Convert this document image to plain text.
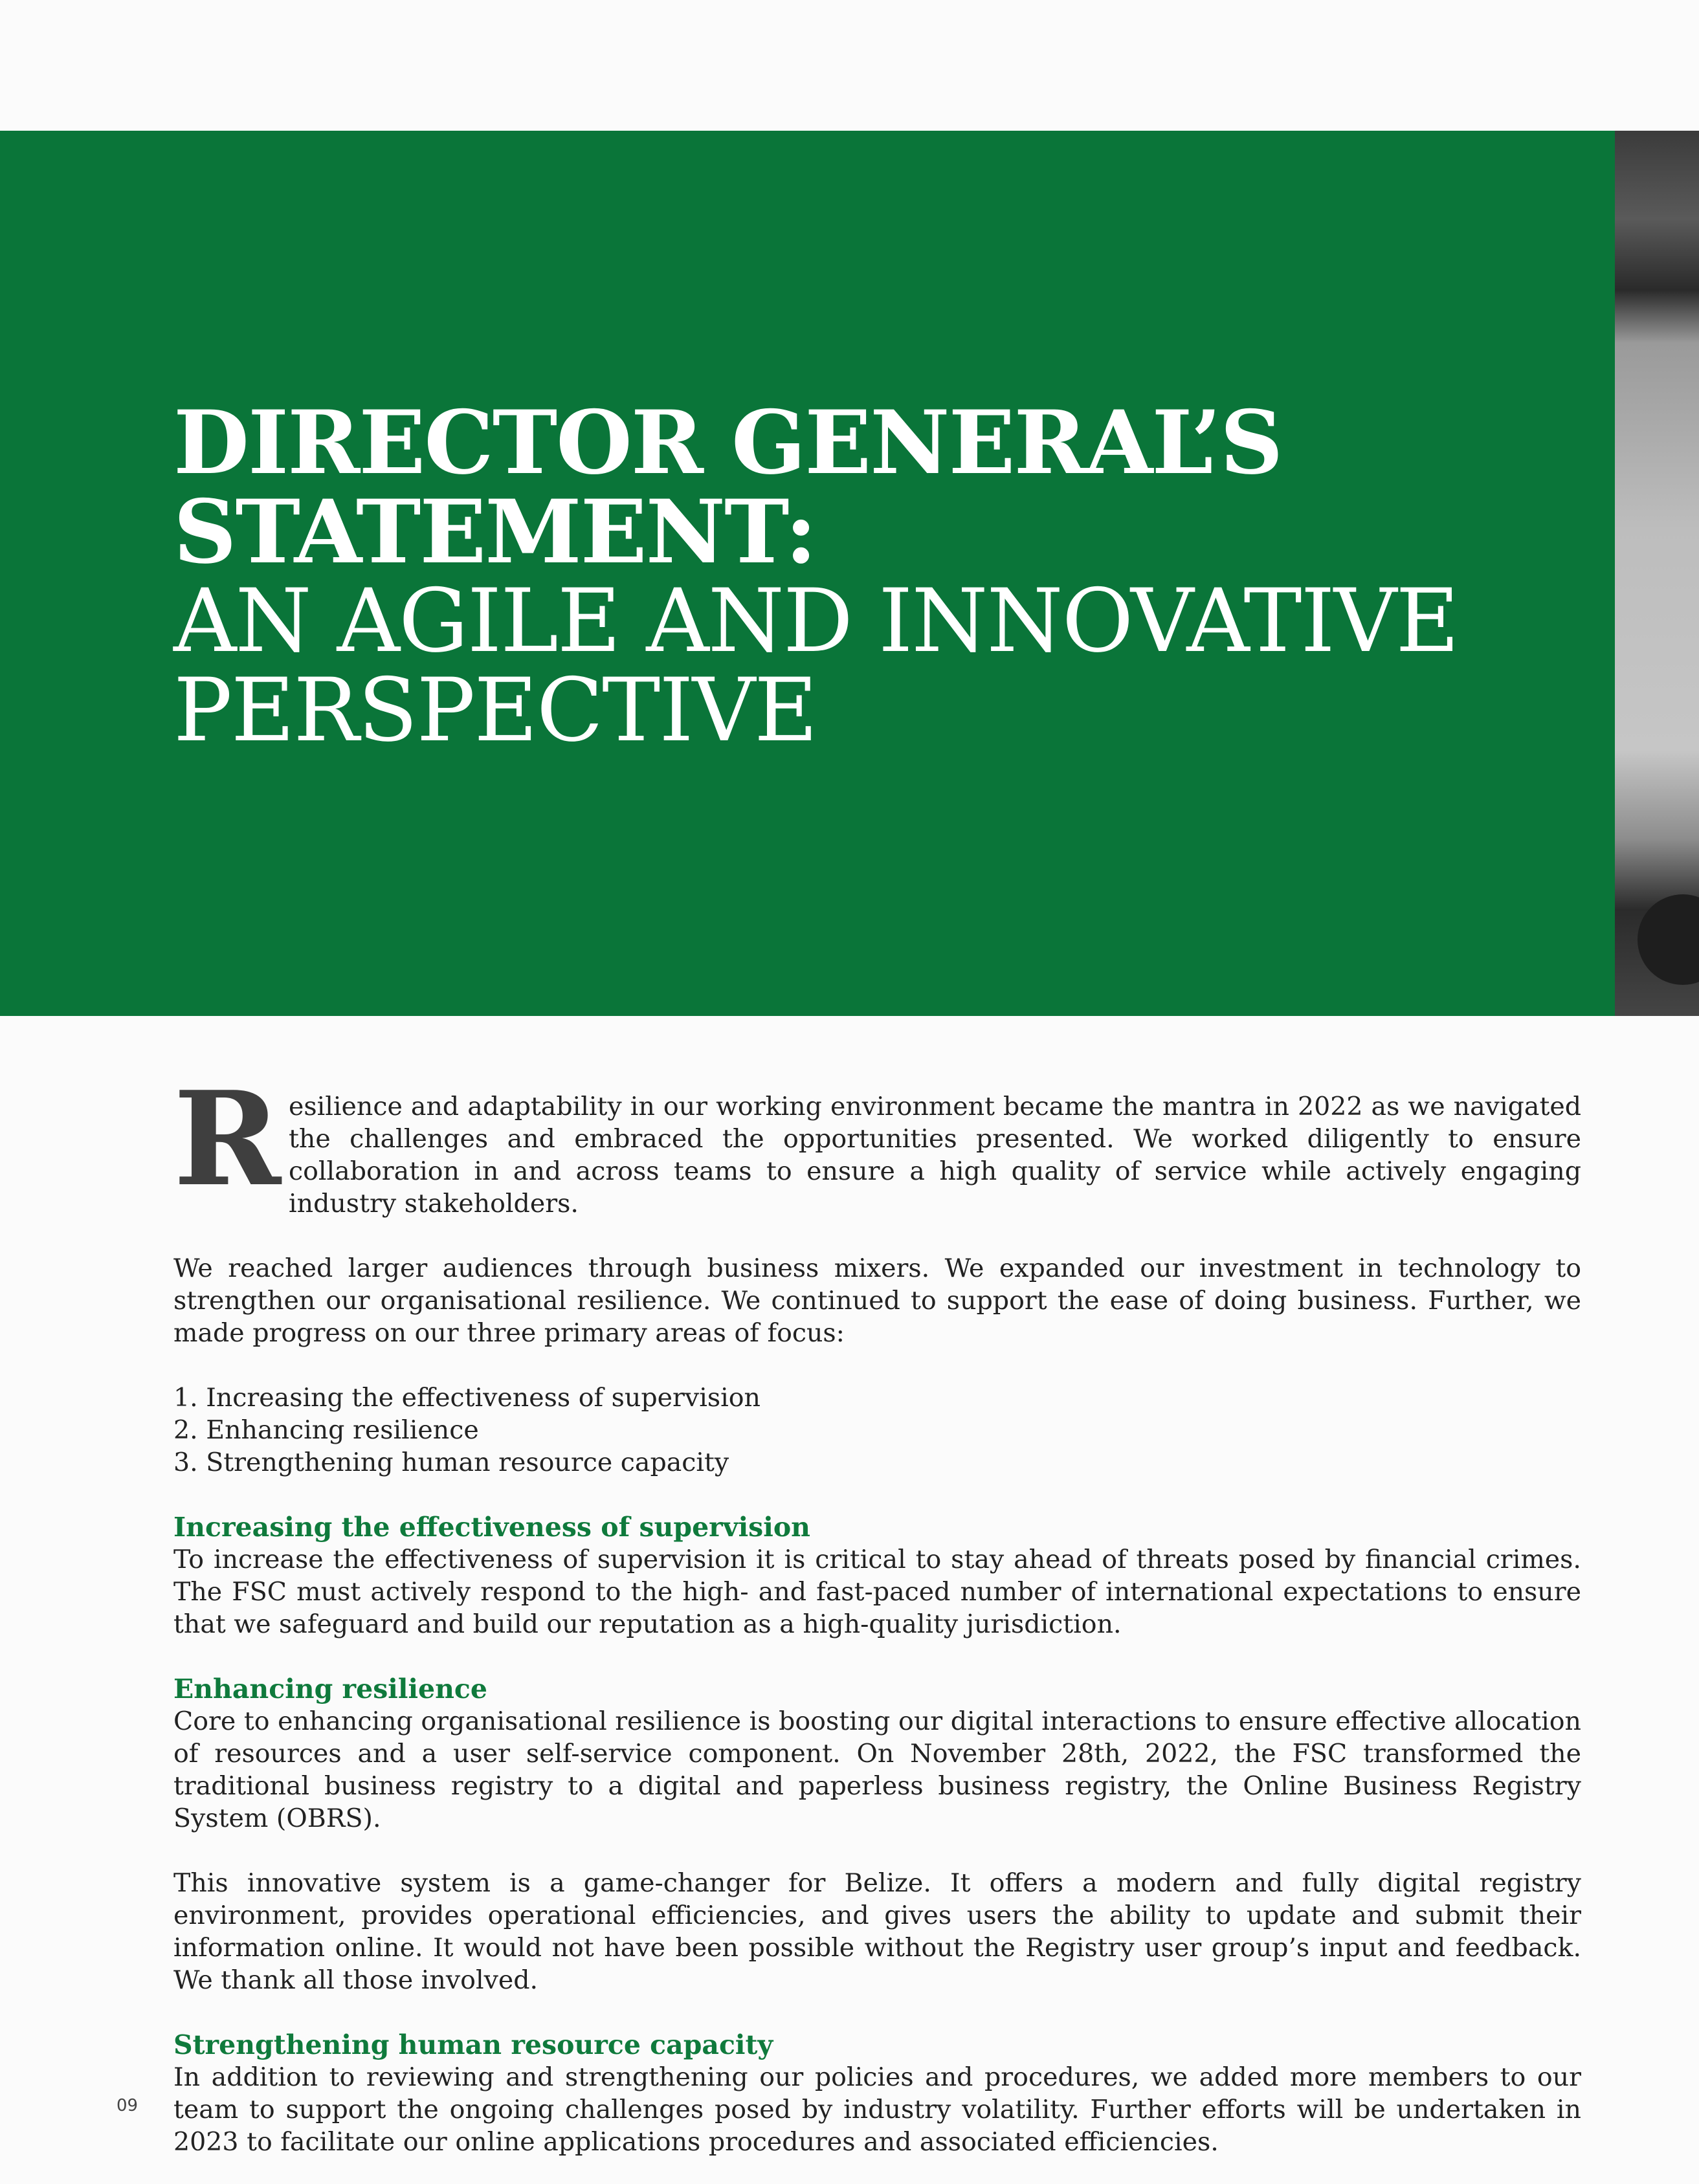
DIRECTOR GENERAL’S
STATEMENT:
AN AGILE AND INNOVATIVE
PERSPECTIVE
R esilience and adaptability in our working environment became the mantra in 2022 as we navigated the challenges and embraced the opportunities presented. We worked diligently to ensure collaboration in and across teams to ensure a high quality of service while actively engaging industry stakeholders.

We reached larger audiences through business mixers. We expanded our investment in technology to strengthen our organisational resilience. We continued to support the ease of doing business. Further, we made progress on our three primary areas of focus:

1. Increasing the effectiveness of supervision

2. Enhancing resilience

3. Strengthening human resource capacity

Increasing the effectiveness of supervision

To increase the effectiveness of supervision it is critical to stay ahead of threats posed by financial crimes. The FSC must actively respond to the high- and fast-paced number of international expectations to ensure that we safeguard and build our reputation as a high-quality jurisdiction.

Enhancing resilience

Core to enhancing organisational resilience is boosting our digital interactions to ensure effective allocation of resources and a user self-service component. On November 28th, 2022, the FSC transformed the traditional business registry to a digital and paperless business registry, the Online Business Registry System (OBRS).

This innovative system is a game-changer for Belize. It offers a modern and fully digital registry environment, provides operational efficiencies, and gives users the ability to update and submit their information online. It would not have been possible without the Registry user group’s input and feedback. We thank all those involved.

Strengthening human resource capacity

In addition to reviewing and strengthening our policies and procedures, we added more members to our team to support the ongoing challenges posed by industry volatility. Further efforts will be undertaken in 2023 to facilitate our online applications procedures and associated efficiencies.

09
